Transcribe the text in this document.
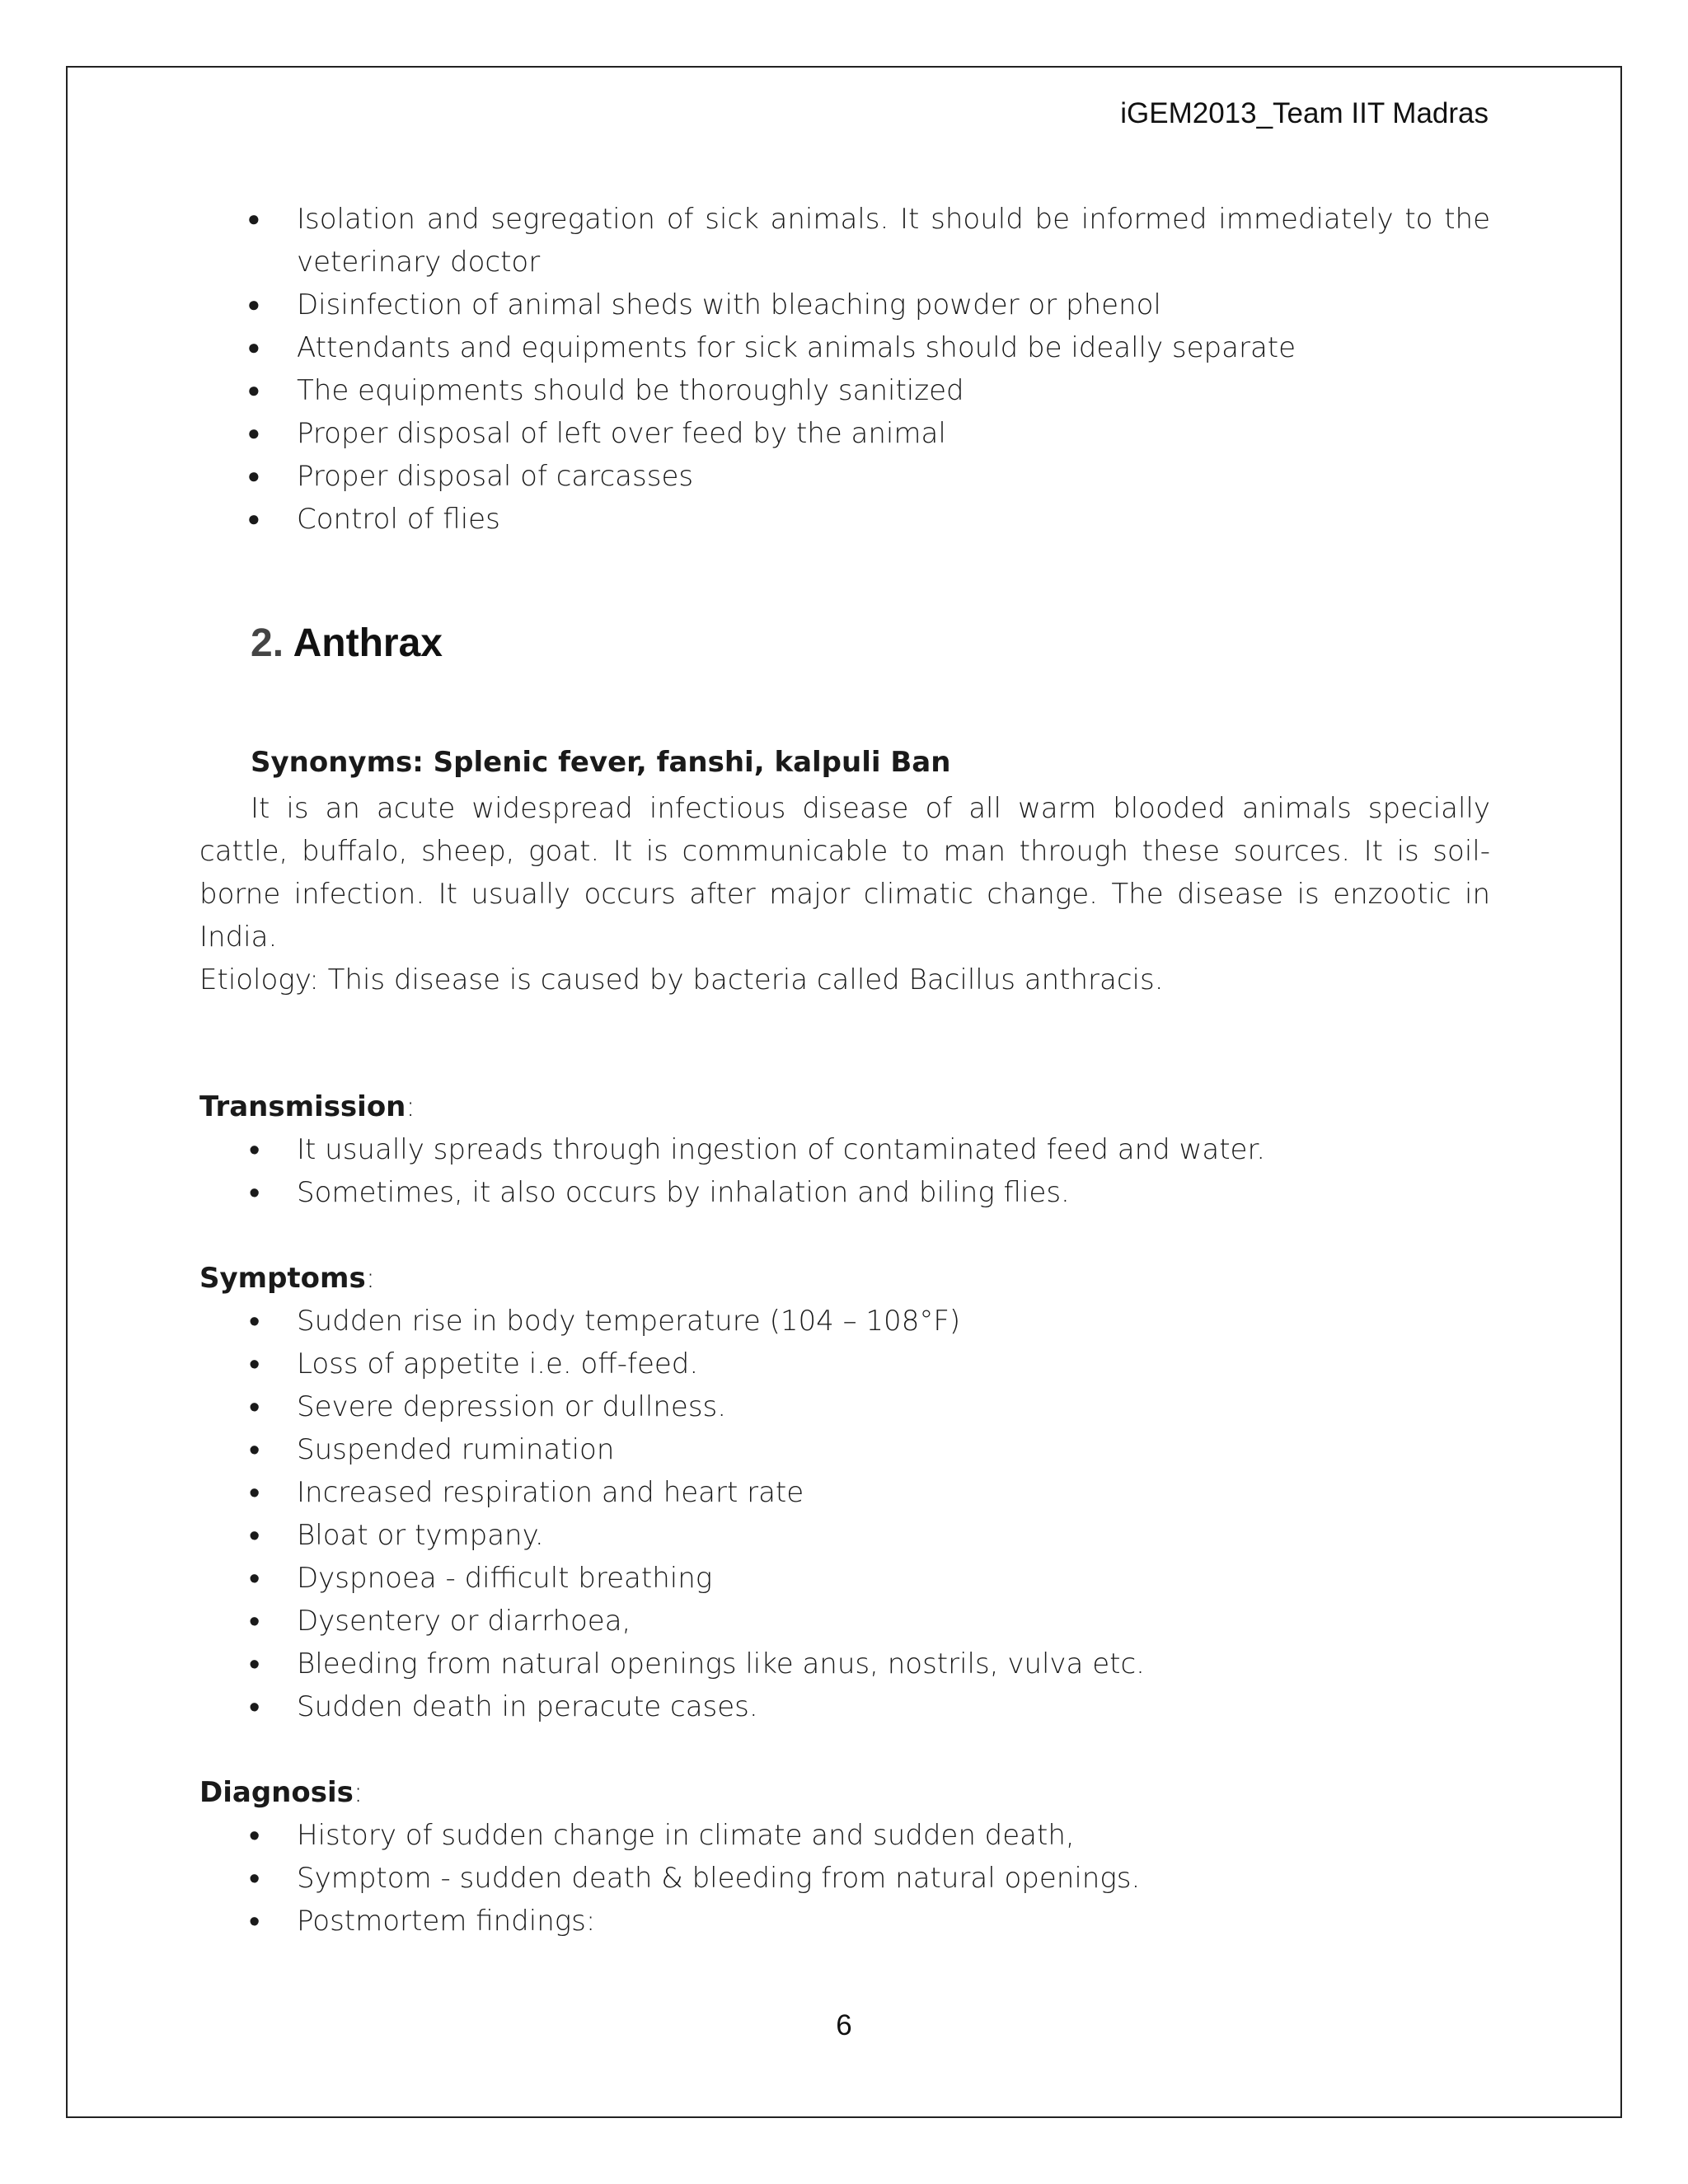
iGEM2013_Team IIT Madras
● Isolation and segregation of sick animals. It should be informed immediately to the veterinary doctor
● Disinfection of animal sheds with bleaching powder or phenol
● Attendants and equipments for sick animals should be ideally separate
● The equipments should be thoroughly sanitized
● Proper disposal of left over feed by the animal
● Proper disposal of carcasses
● Control of flies
2. Anthrax
Synonyms: Splenic fever, fanshi, kalpuli Ban

It is an acute widespread infectious disease of all warm blooded animals specially cattle, buffalo, sheep, goat. It is communicable to man through these sources. It is soil-borne infection. It usually occurs after major climatic change. The disease is enzootic in India.

Etiology: This disease is caused by bacteria called Bacillus anthracis.

Transmission:

• It usually spreads through ingestion of contaminated feed and water.
• Sometimes, it also occurs by inhalation and biling flies.

Symptoms:

• Sudden rise in body temperature (104 – 108°F)
• Loss of appetite i.e. off-feed.
• Severe depression or dullness.
• Suspended rumination
• Increased respiration and heart rate
• Bloat or tympany.
• Dyspnoea - difficult breathing
• Dysentery or diarrhoea,
• Bleeding from natural openings like anus, nostrils, vulva etc.
• Sudden death in peracute cases.

Diagnosis:

• History of sudden change in climate and sudden death,
• Symptom - sudden death & bleeding from natural openings.
• Postmortem findings:
6
